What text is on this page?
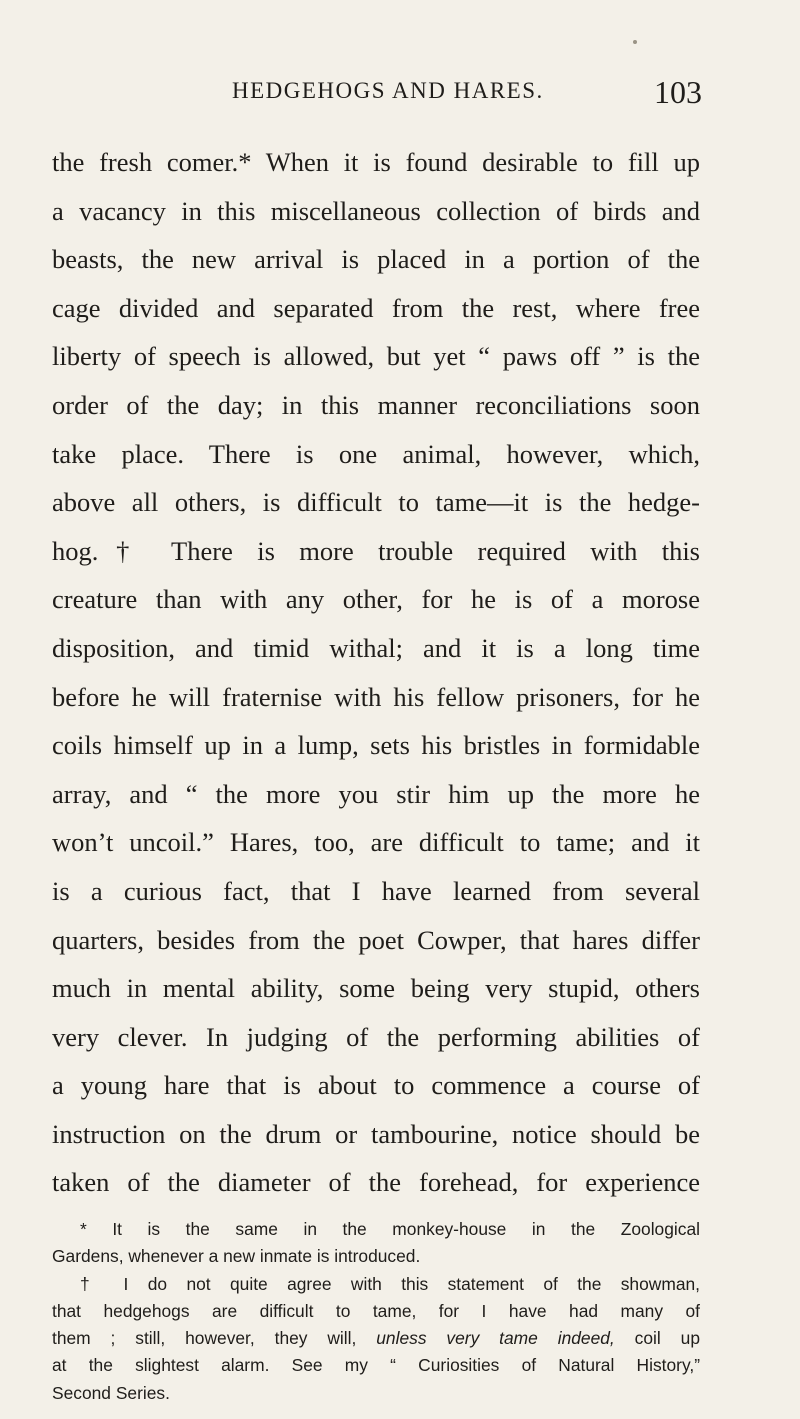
HEDGEHOGS AND HARES.	103
the fresh comer.* When it is found desirable to fill up
a vacancy in this miscellaneous collection of birds and
beasts, the new arrival is placed in a portion of the
cage divided and separated from the rest, where free
liberty of speech is allowed, but yet “ paws off ” is the
order of the day; in this manner reconciliations soon
take place. There is one animal, however, which,
above all others, is difficult to tame—it is the hedge-
hog.† There is more trouble required with this
creature than with any other, for he is of a morose
disposition, and timid withal; and it is a long time
before he will fraternise with his fellow prisoners, for he
coils himself up in a lump, sets his bristles in formidable
array, and “ the more you stir him up the more he
won’t uncoil.” Hares, too, are difficult to tame; and it
is a curious fact, that I have learned from several
quarters, besides from the poet Cowper, that hares differ
much in mental ability, some being very stupid, others
very clever. In judging of the performing abilities of
a young hare that is about to commence a course of
instruction on the drum or tambourine, notice should be
taken of the diameter of the forehead, for experience
* It is the same in the monkey-house in the Zoological
Gardens, whenever a new inmate is introduced.
† I do not quite agree with this statement of the showman,
that hedgehogs are difficult to tame, for I have had many of
them ; still, however, they will, unless very tame indeed, coil up
at the slightest alarm. See my “ Curiosities of Natural History,”
Second Series.
